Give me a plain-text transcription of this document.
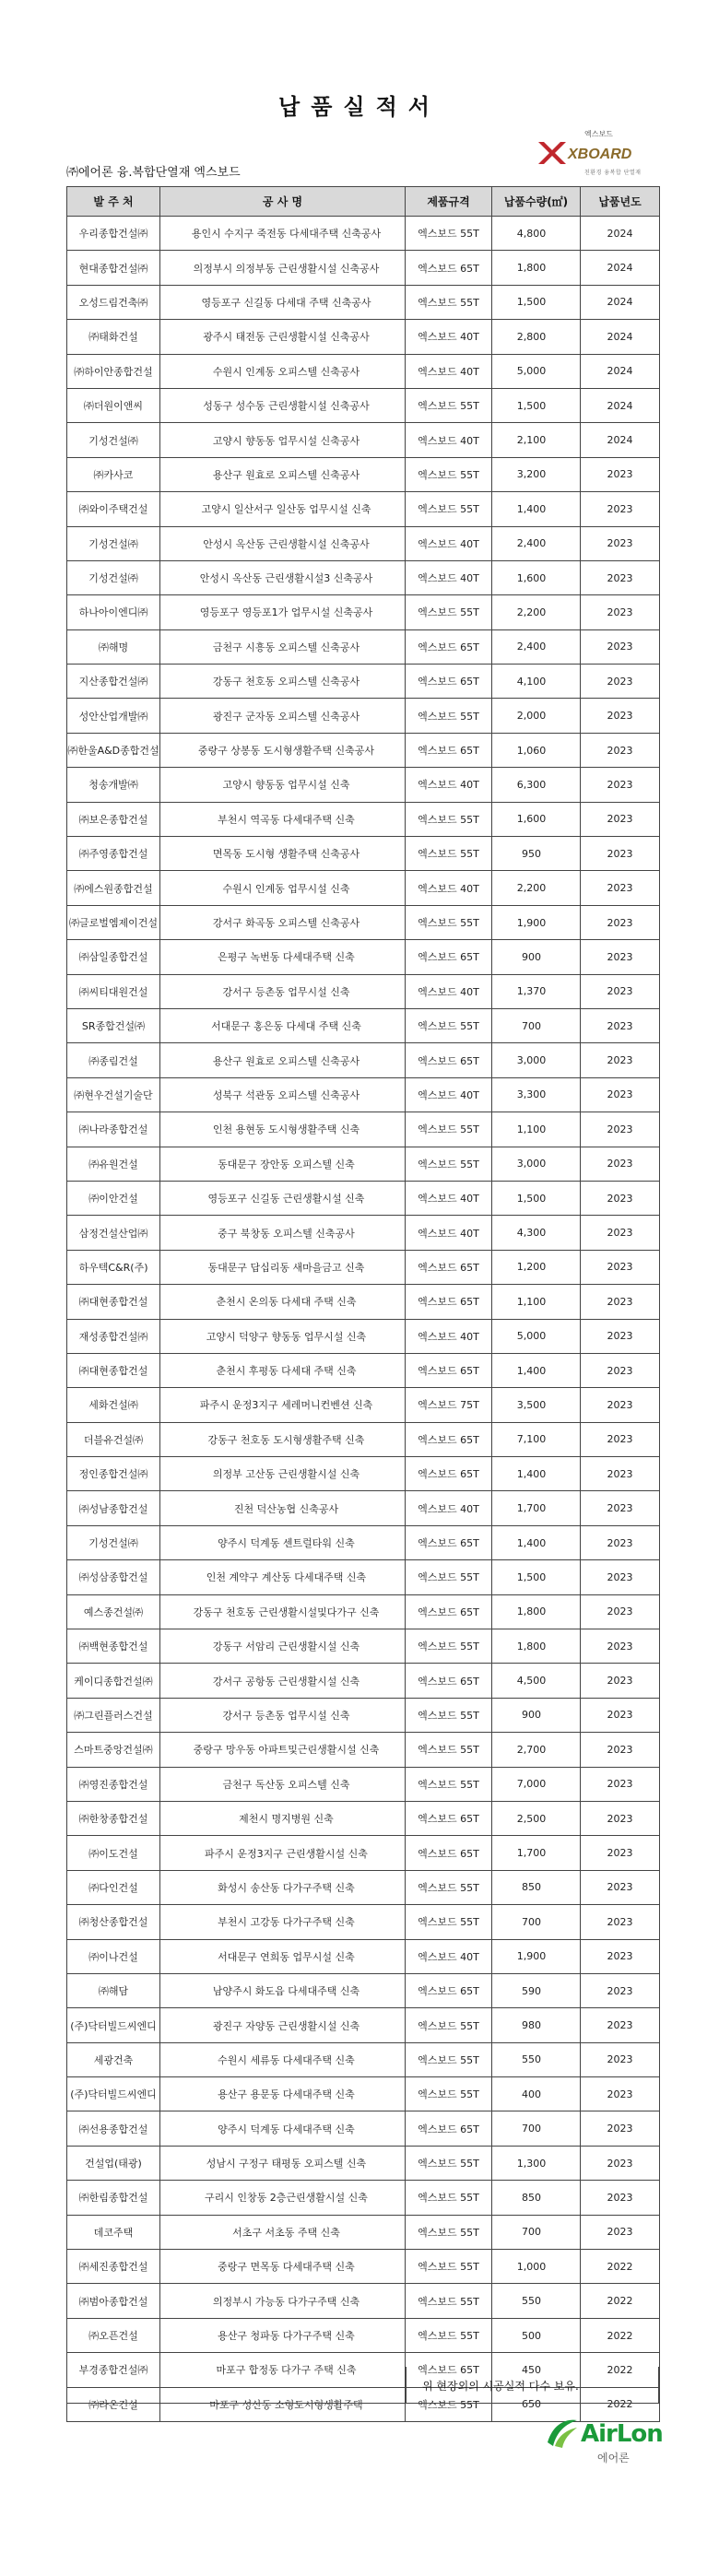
납품실적서
엑스보드
XBOARD
친환경 융복합 단열재
㈜에어론 융.복합단열재 엑스보드
발 주 처	공 사 명	제품규격	납품수량(㎡)	납품년도
우리종합건설㈜	용인시 수지구 죽전동 다세대주택 신축공사	엑스보드 55T	4,800	2024
현대종합건설㈜	의정부시 의정부동 근린생활시설 신축공사	엑스보드 65T	1,800	2024
오성드림건축㈜	영등포구 신길동 다세대 주택 신축공사	엑스보드 55T	1,500	2024
㈜태화건설	광주시 태전동 근린생활시설 신축공사	엑스보드 40T	2,800	2024
㈜하이안종합건설	수원시 인계동 오피스텔 신축공사	엑스보드 40T	5,000	2024
㈜더원이앤씨	성동구 성수동 근린생활시설 신축공사	엑스보드 55T	1,500	2024
기성건설㈜	고양시 향동동 업무시설 신축공사	엑스보드 40T	2,100	2024
㈜카사코	용산구 원효로 오피스텔 신축공사	엑스보드 55T	3,200	2023
㈜와이주택건설	고양시 일산서구 일산동 업무시설 신축	엑스보드 55T	1,400	2023
기성건설㈜	안성시 옥산동 근린생활시설 신축공사	엑스보드 40T	2,400	2023
기성건설㈜	안성시 옥산동 근린생활시설3 신축공사	엑스보드 40T	1,600	2023
하나아이엔디㈜	영등포구 영등포1가 업무시설 신축공사	엑스보드 55T	2,200	2023
㈜해명	금천구 시흥동 오피스텔 신축공사	엑스보드 65T	2,400	2023
지산종합건설㈜	강동구 천호동 오피스텔 신축공사	엑스보드 65T	4,100	2023
성안산업개발㈜	광진구 군자동 오피스텔 신축공사	엑스보드 55T	2,000	2023
㈜한울A&D종합건설	중랑구 상봉동 도시형생활주택 신축공사	엑스보드 65T	1,060	2023
청송개발㈜	고양시 향동동 업무시설 신축	엑스보드 40T	6,300	2023
㈜보은종합건설	부천시 역곡동 다세대주택 신축	엑스보드 55T	1,600	2023
㈜주영종합건설	면목동 도시형 생활주택 신축공사	엑스보드 55T	950	2023
㈜에스원종합건설	수원시 인계동 업무시설 신축	엑스보드 40T	2,200	2023
㈜글로벌엠제이건설	강서구 화곡동 오피스텔 신축공사	엑스보드 55T	1,900	2023
㈜삼일종합건설	은평구 녹번동 다세대주택 신축	엑스보드 65T	900	2023
㈜씨티대원건설	강서구 등촌동 업무시설 신축	엑스보드 40T	1,370	2023
SR종합건설㈜	서대문구 홍은동 다세대 주택 신축	엑스보드 55T	700	2023
㈜종림건설	용산구 원효로 오피스텔 신축공사	엑스보드 65T	3,000	2023
㈜현우건설기술단	성북구 석관동 오피스텔 신축공사	엑스보드 40T	3,300	2023
㈜나라종합건설	인천 용현동 도시형생활주택 신축	엑스보드 55T	1,100	2023
㈜유원건설	동대문구 장안동 오피스텔 신축	엑스보드 55T	3,000	2023
㈜이안건설	영등포구 신길동 근린생활시설 신축	엑스보드 40T	1,500	2023
삼정건설산업㈜	중구 북창동 오피스텔 신축공사	엑스보드 40T	4,300	2023
하우텍C&R(주)	동대문구 답십리동 새마을금고 신축	엑스보드 65T	1,200	2023
㈜대현종합건설	춘천시 온의동 다세대 주택 신축	엑스보드 65T	1,100	2023
재성종합건설㈜	고양시 덕양구 향동동 업무시설 신축	엑스보드 40T	5,000	2023
㈜대현종합건설	춘천시 후평동 다세대 주택 신축	엑스보드 65T	1,400	2023
세화건설㈜	파주시 운정3지구 세레머니컨벤션 신축	엑스보드 75T	3,500	2023
더블유건설㈜	강동구 천호동 도시형생활주택 신축	엑스보드 65T	7,100	2023
정인종합건설㈜	의정부 고산동 근린생활시설 신축	엑스보드 65T	1,400	2023
㈜성남종합건설	진천 덕산농협 신축공사	엑스보드 40T	1,700	2023
기성건설㈜	양주시 덕계동 센트럴타워 신축	엑스보드 65T	1,400	2023
㈜성삼종합건설	인천 계약구 계산동 다세대주택 신축	엑스보드 55T	1,500	2023
예스종건설㈜	강동구 천호동 근린생활시설및다가구 신축	엑스보드 65T	1,800	2023
㈜백현종합건설	강동구 서암리 근린생활시설 신축	엑스보드 55T	1,800	2023
케이디종합건설㈜	강서구 공항동 근린생활시설 신축	엑스보드 65T	4,500	2023
㈜그린플러스건설	강서구 등촌동 업무시설 신축	엑스보드 55T	900	2023
스마트중앙건설㈜	중랑구 망우동 아파트및근린생활시설 신축	엑스보드 55T	2,700	2023
㈜영진종합건설	금천구 독산동 오피스텔 신축	엑스보드 55T	7,000	2023
㈜한창종합건설	제천시 명지병원 신축	엑스보드 65T	2,500	2023
㈜이도건설	파주시 운정3지구 근린생활시설 신축	엑스보드 65T	1,700	2023
㈜다인건설	화성시 송산동 다가구주택 신축	엑스보드 55T	850	2023
㈜청산종합건설	부천시 고강동 다가구주택 신축	엑스보드 55T	700	2023
㈜이나건설	서대문구 연희동 업무시설 신축	엑스보드 40T	1,900	2023
㈜해담	남양주시 화도읍 다세대주택 신축	엑스보드 65T	590	2023
(주)닥터빌드씨엔디	광진구 자양동 근린생활시설 신축	엑스보드 55T	980	2023
세광건축	수원시 세류동 다세대주택 신축	엑스보드 55T	550	2023
(주)닥터빌드씨엔디	용산구 용문동 다세대주택 신축	엑스보드 55T	400	2023
㈜선용종합건설	양주시 덕계동 다세대주택 신축	엑스보드 65T	700	2023
건설업(태광)	성남시 구정구 태평동 오피스텔 신축	엑스보드 55T	1,300	2023
㈜한림종합건설	구리시 인창동 2층근린생활시설 신축	엑스보드 55T	850	2023
데코주택	서초구 서초동 주택 신축	엑스보드 55T	700	2023
㈜세진종합건설	중랑구 면목동 다세대주택 신축	엑스보드 55T	1,000	2022
㈜범아종합건설	의정부시 가능동 다가구주택 신축	엑스보드 55T	550	2022
㈜오픈건설	용산구 청파동 다가구주택 신축	엑스보드 55T	500	2022
부경종합건설㈜	마포구 합정동 다가구 주택 신축	엑스보드 65T	450	2022
㈜라온건설	마포구 성산동 소형도시형생활주택	엑스보드 55T	650	2022
위 현장외의 시공실적 다수 보유.
AirLon
에어론
